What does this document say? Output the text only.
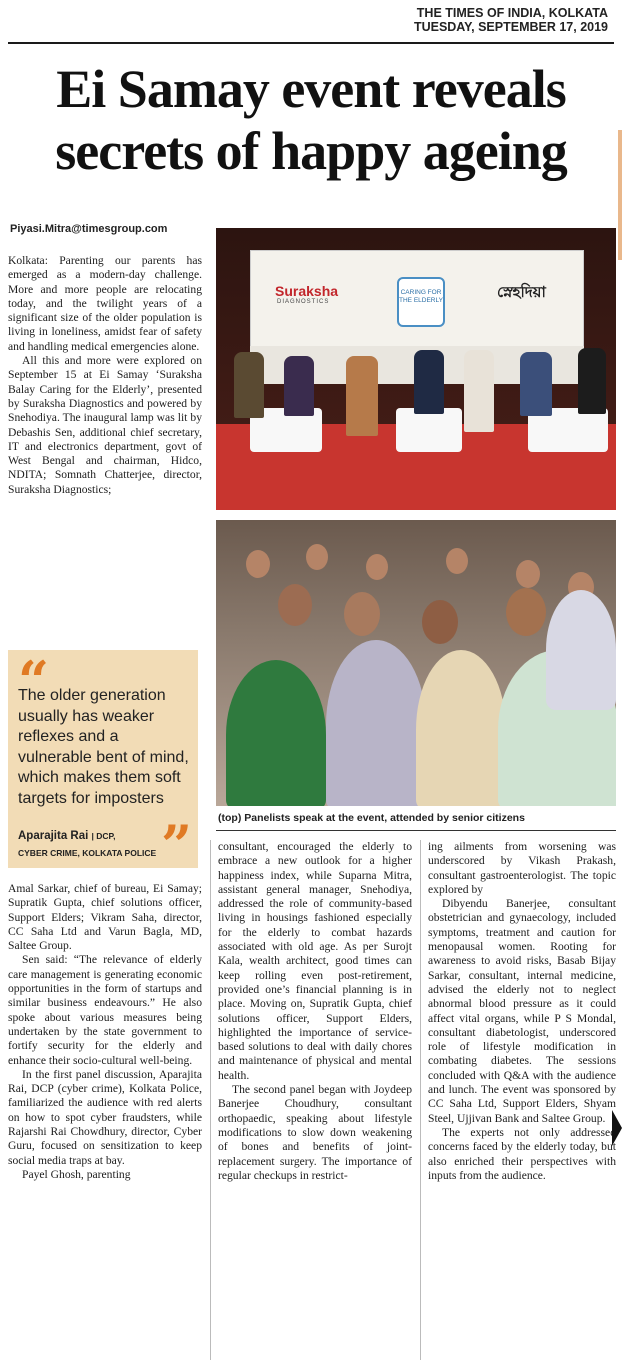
THE TIMES OF INDIA, KOLKATA
TUESDAY, SEPTEMBER 17, 2019
Ei Samay event reveals
secrets of happy ageing
Piyasi.Mitra@timesgroup.com

Kolkata: Parenting our parents has emerged as a modern-day challenge. More and more people are relocating today, and the twilight years of a significant size of the older population is living in loneliness, amidst fear of safety and handling medical emergencies alone.

All this and more were explored on September 15 at Ei Samay ‘Suraksha Balay Caring for the Elderly’, presented by Suraksha Diagnostics and powered by Snehodiya. The inaugural lamp was lit by Debashis Sen, additional chief secretary, IT and electronics department, govt of West Bengal and chairman, Hidco, NDITA; Somnath Chatterjee, director, Suraksha Diagnostics;

“
The older generation usually has weaker reflexes and a vulnerable bent of mind, which makes them soft targets for imposters
Aparajita Rai | DCP,
CYBER CRIME, KOLKATA POLICE ”

Amal Sarkar, chief of bureau, Ei Samay; Supratik Gupta, chief solutions officer, Support Elders; Vikram Saha, director, CC Saha Ltd and Varun Bagla, MD, Saltee Group.

Sen said: “The relevance of elderly care management is generating economic opportunities in the form of startups and similar business endeavours.” He also spoke about various measures being undertaken by the state government to fortify security for the elderly and enhance their socio-cultural well-being.

In the first panel discussion, Aparajita Rai, DCP (cyber crime), Kolkata Police, familiarized the audience with red alerts on how to spot cyber fraudsters, while Rajarshi Rai Chowdhury, director, Cyber Guru, focused on sensitization to keep social media traps at bay.

Payel Ghosh, parenting

consultant, encouraged the elderly to embrace a new outlook for a higher happiness index, while Suparna Mitra, assistant general manager, Snehodiya, addressed the role of community-based living in housings fashioned especially for the elderly to combat hazards associated with old age. As per Surojt Kala, wealth architect, good times can keep rolling even post-retirement, provided one’s financial planning is in place. Moving on, Supratik Gupta, chief solutions officer, Support Elders, highlighted the importance of service-based solutions to deal with daily chores and maintenance of physical and mental health.

The second panel began with Joydeep Banerjee Choudhury, consultant orthopaedic, speaking about lifestyle modifications to slow down weakening of bones and benefits of joint-replacement surgery. The importance of regular checkups in restrict-

ing ailments from worsening was underscored by Vikash Prakash, consultant gastroenterologist. The topic explored by

Dibyendu Banerjee, consultant obstetrician and gynaecology, included symptoms, treatment and caution for menopausal women. Rooting for awareness to avoid risks, Basab Bijay Sarkar, consultant, internal medicine, advised the elderly not to neglect abnormal blood pressure as it could affect vital organs, while P S Mondal, consultant diabetologist, underscored role of lifestyle modification in combating diabetes. The sessions concluded with Q&A with the audience and lunch. The event was sponsored by CC Saha Ltd, Support Elders, Shyam Steel, Ujjivan Bank and Saltee Group.

The experts not only addressed concerns faced by the elderly today, but also enriched their perspectives with inputs from the audience.

Suraksha
DIAGNOSTICS
CARING FOR THE ELDERLY	স্নেহদিয়া
(top) Panelists speak at the event, attended by senior citizens
